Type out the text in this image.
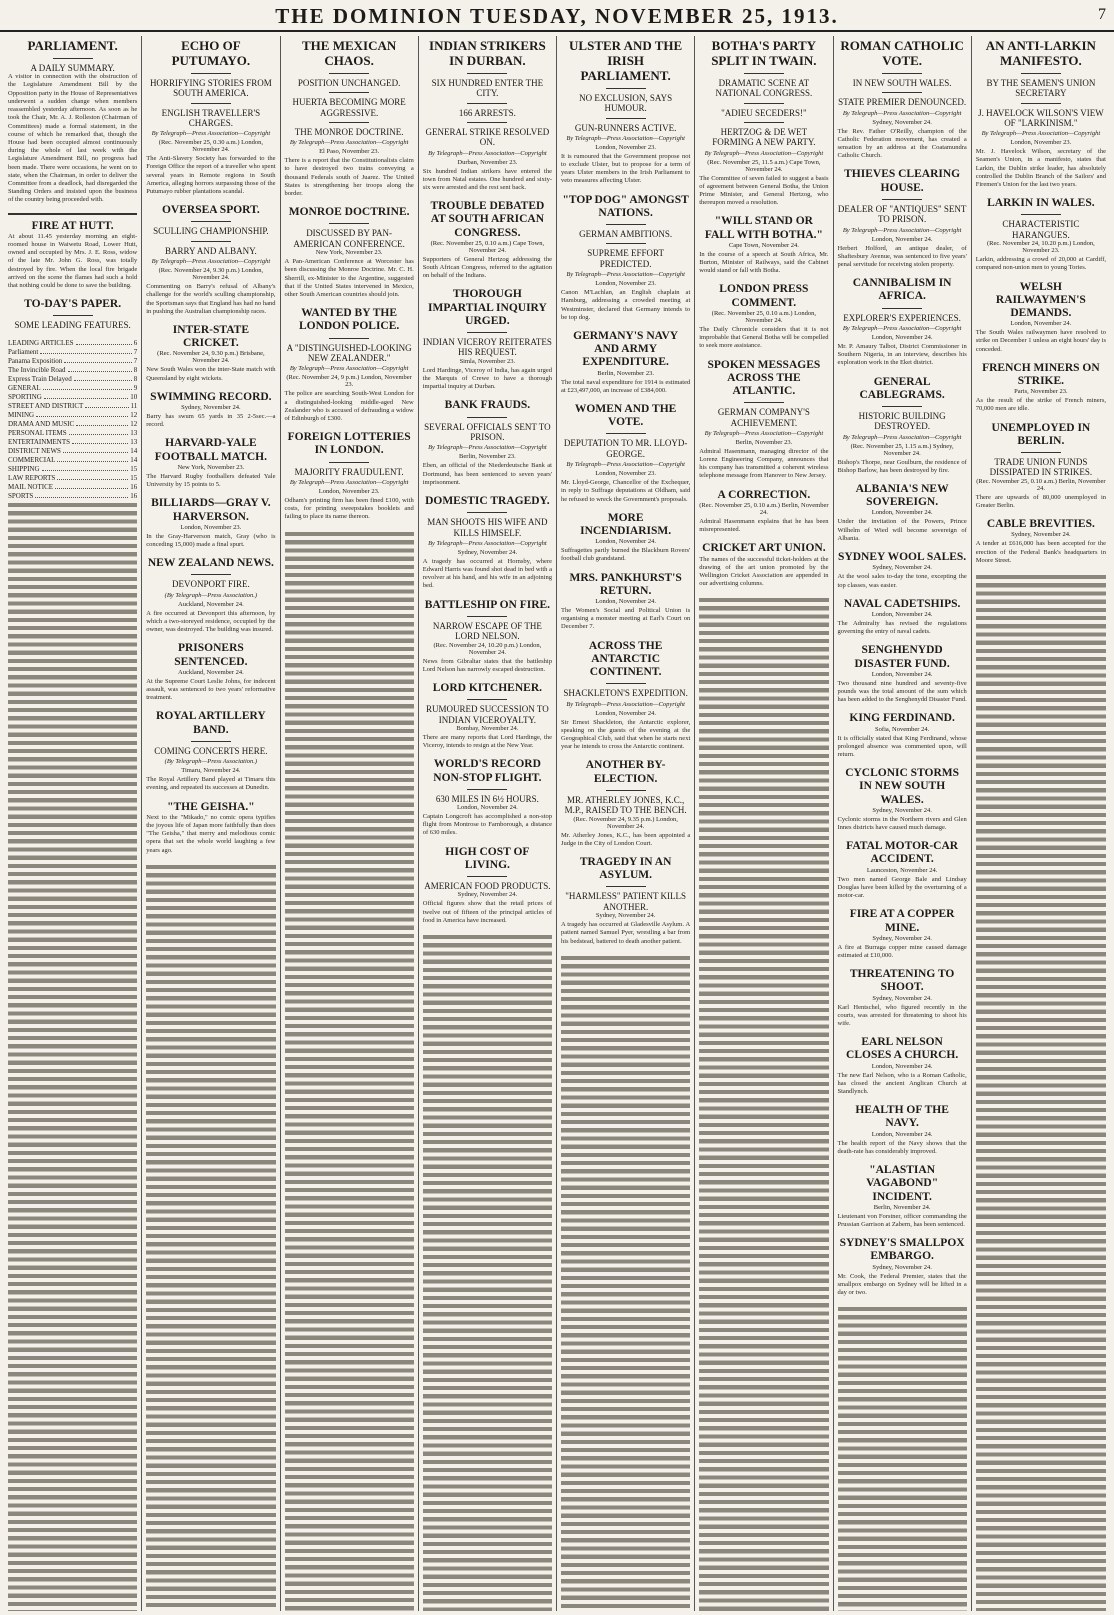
THE DOMINION TUESDAY, NOVEMBER 25, 1913.	7
PARLIAMENT.
A DAILY SUMMARY.
A visitor in connection with the obstruction of the Legislature Amendment Bill by the Opposition party in the House of Representatives underwent a sudden change when members reassembled yesterday afternoon. As soon as he took the Chair, Mr. A. J. Rolleston (Chairman of Committees) made a formal statement, in the course of which he remarked that, though the House had been occupied almost continuously during the whole of last week with the Legislature Amendment Bill, no progress had been made. There were occasions, he went on to state, when the Chairman, in order to deliver the Committee from a deadlock, had disregarded the Standing Orders and insisted upon the business of the country being proceeded with.
FIRE AT HUTT.
At about 11.45 yesterday morning an eight-roomed house in Waiwetu Road, Lower Hutt, owned and occupied by Mrs. J. E. Ross, widow of the late Mr. John G. Ross, was totally destroyed by fire. When the local fire brigade arrived on the scene the flames had such a hold that nothing could be done to save the building.
TO-DAY'S PAPER.
SOME LEADING FEATURES.
LEADING ARTICLES	6
Parliament	7
Panama Exposition	7
The Invincible Road	8
Express Train Delayed	8
GENERAL	9
SPORTING	10
STREET AND DISTRICT	11
MINING	12
DRAMA AND MUSIC	12
PERSONAL ITEMS	13
ENTERTAINMENTS	13
DISTRICT NEWS	14
COMMERCIAL	14
SHIPPING	15
LAW REPORTS	15
MAIL NOTICE	16
SPORTS	16
ECHO OF PUTUMAYO.
HORRIFYING STORIES FROM SOUTH AMERICA.
ENGLISH TRAVELLER'S CHARGES.
By Telegraph—Press Association—Copyright
(Rec. November 25, 0.30 a.m.) London, November 24.
The Anti-Slavery Society has forwarded to the Foreign Office the report of a traveller who spent several years in Remote regions in South America, alleging horrors surpassing those of the Putumayo rubber plantations scandal.
OVERSEA SPORT.
SCULLING CHAMPIONSHIP.
BARRY AND ALBANY.
By Telegraph—Press Association—Copyright
(Rec. November 24, 9.30 p.m.) London, November 24.
Commenting on Barry's refusal of Albany's challenge for the world's sculling championship, the Sportsman says that England has had no hand in pushing the Australian championship races.
INTER-STATE CRICKET.
(Rec. November 24, 9.30 p.m.) Brisbane, November 24.
New South Wales won the inter-State match with Queensland by eight wickets.
SWIMMING RECORD.
Sydney, November 24.
Barry has swum 65 yards in 35 2-5sec.—a record.
HARVARD-YALE FOOTBALL MATCH.
New York, November 23.
The Harvard Rugby footballers defeated Yale University by 15 points to 5.
BILLIARDS—GRAY V. HARVERSON.
London, November 23.
In the Gray-Harverson match, Gray (who is conceding 15,000) made a final spurt.
NEW ZEALAND NEWS.
DEVONPORT FIRE.
(By Telegraph—Press Association.)
Auckland, November 24.
A fire occurred at Devonport this afternoon, by which a two-storeyed residence, occupied by the owner, was destroyed. The building was insured.
PRISONERS SENTENCED.
Auckland, November 24.
At the Supreme Court Leslie Johns, for indecent assault, was sentenced to two years' reformative treatment.
ROYAL ARTILLERY BAND.
COMING CONCERTS HERE.
(By Telegraph—Press Association.)
Timaru, November 24.
The Royal Artillery Band played at Timaru this evening, and repeated its successes at Dunedin.
"THE GEISHA."
Next to the "Mikado," no comic opera typifies the joyous life of Japan more faithfully than does "The Geisha," that merry and melodious comic opera that set the whole world laughing a few years ago.
THE MEXICAN CHAOS.
POSITION UNCHANGED.
HUERTA BECOMING MORE AGGRESSIVE.
THE MONROE DOCTRINE.
By Telegraph—Press Association—Copyright
El Paso, November 23.
There is a report that the Constitutionalists claim to have destroyed two trains conveying a thousand Federals south of Juarez. The United States is strengthening her troops along the border.
MONROE DOCTRINE.
DISCUSSED BY PAN-AMERICAN CONFERENCE.
New York, November 23.
A Pan-American Conference at Worcester has been discussing the Monroe Doctrine. Mr. C. H. Sherrill, ex-Minister to the Argentine, suggested that if the United States intervened in Mexico, other South American countries should join.
WANTED BY THE LONDON POLICE.
A "DISTINGUISHED-LOOKING NEW ZEALANDER."
By Telegraph—Press Association—Copyright
(Rec. November 24, 9 p.m.) London, November 23.
The police are searching South-West London for a distinguished-looking middle-aged New Zealander who is accused of defrauding a widow of Edinburgh of £300.
FOREIGN LOTTERIES IN LONDON.
MAJORITY FRAUDULENT.
By Telegraph—Press Association—Copyright
London, November 23.
Odham's printing firm has been fined £100, with costs, for printing sweepstakes booklets and failing to place its name thereon.
INDIAN STRIKERS IN DURBAN.
SIX HUNDRED ENTER THE CITY.
166 ARRESTS.
GENERAL STRIKE RESOLVED ON.
By Telegraph—Press Association—Copyright
Durban, November 23.
Six hundred Indian strikers have entered the town from Natal estates. One hundred and sixty-six were arrested and the rest sent back.
TROUBLE DEBATED AT SOUTH AFRICAN CONGRESS.
(Rec. November 25, 0.10 a.m.) Cape Town, November 24.
Supporters of General Hertzog addressing the South African Congress, referred to the agitation on behalf of the Indians.
THOROUGH IMPARTIAL INQUIRY URGED.
INDIAN VICEROY REITERATES HIS REQUEST.
Simla, November 23.
Lord Hardinge, Viceroy of India, has again urged the Marquis of Crewe to have a thorough impartial inquiry at Durban.
BANK FRAUDS.
SEVERAL OFFICIALS SENT TO PRISON.
By Telegraph—Press Association—Copyright
Berlin, November 23.
Eben, an official of the Niederdeutsche Bank at Dortmund, has been sentenced to seven years' imprisonment.
DOMESTIC TRAGEDY.
MAN SHOOTS HIS WIFE AND KILLS HIMSELF.
By Telegraph—Press Association—Copyright
Sydney, November 24.
A tragedy has occurred at Hornsby, where Edward Harris was found shot dead in bed with a revolver at his hand, and his wife in an adjoining bed.
BATTLESHIP ON FIRE.
NARROW ESCAPE OF THE LORD NELSON.
(Rec. November 24, 10.20 p.m.) London, November 24.
News from Gibraltar states that the battleship Lord Nelson has narrowly escaped destruction.
LORD KITCHENER.
RUMOURED SUCCESSION TO INDIAN VICEROYALTY.
Bombay, November 24.
There are many reports that Lord Hardinge, the Viceroy, intends to resign at the New Year.
WORLD'S RECORD NON-STOP FLIGHT.
630 MILES IN 6½ HOURS.
London, November 24.
Captain Longcroft has accomplished a non-stop flight from Montrose to Farnborough, a distance of 630 miles.
HIGH COST OF LIVING.
AMERICAN FOOD PRODUCTS.
Sydney, November 24.
Official figures show that the retail prices of twelve out of fifteen of the principal articles of food in America have increased.
ULSTER AND THE IRISH PARLIAMENT.
NO EXCLUSION, SAYS HUMOUR.
GUN-RUNNERS ACTIVE.
By Telegraph—Press Association—Copyright
London, November 23.
It is rumoured that the Government propose not to exclude Ulster, but to propose for a term of years Ulster members in the Irish Parliament to veto measures affecting Ulster.
"TOP DOG" AMONGST NATIONS.
GERMAN AMBITIONS.
SUPREME EFFORT PREDICTED.
By Telegraph—Press Association—Copyright
London, November 23.
Canon M'Lachlan, an English chaplain at Hamburg, addressing a crowded meeting at Westminster, declared that Germany intends to be top dog.
GERMANY'S NAVY AND ARMY EXPENDITURE.
Berlin, November 23.
The total naval expenditure for 1914 is estimated at £23,497,000, an increase of £384,000.
WOMEN AND THE VOTE.
DEPUTATION TO MR. LLOYD-GEORGE.
By Telegraph—Press Association—Copyright
London, November 23.
Mr. Lloyd-George, Chancellor of the Exchequer, in reply to Suffrage deputations at Oldham, said he refused to wreck the Government's proposals.
MORE INCENDIARISM.
London, November 24.
Suffragettes partly burned the Blackburn Rovers' football club grandstand.
MRS. PANKHURST'S RETURN.
London, November 24.
The Women's Social and Political Union is organising a monster meeting at Earl's Court on December 7.
ACROSS THE ANTARCTIC CONTINENT.
SHACKLETON'S EXPEDITION.
By Telegraph—Press Association—Copyright
London, November 24.
Sir Ernest Shackleton, the Antarctic explorer, speaking on the guests of the evening at the Geographical Club, said that when he starts next year he intends to cross the Antarctic continent.
ANOTHER BY-ELECTION.
MR. ATHERLEY JONES, K.C., M.P., RAISED TO THE BENCH.
(Rec. November 24, 9.35 p.m.) London, November 24.
Mr. Atherley Jones, K.C., has been appointed a Judge in the City of London Court.
TRAGEDY IN AN ASYLUM.
"HARMLESS" PATIENT KILLS ANOTHER.
Sydney, November 24.
A tragedy has occurred at Gladesville Asylum. A patient named Samuel Pyer, wrestling a bar from his bedstead, battered to death another patient.
BOTHA'S PARTY SPLIT IN TWAIN.
DRAMATIC SCENE AT NATIONAL CONGRESS.
"ADIEU SECEDERS!"
HERTZOG & DE WET FORMING A NEW PARTY.
By Telegraph—Press Association—Copyright
(Rec. November 25, 11.5 a.m.) Cape Town, November 24.
The Committee of seven failed to suggest a basis of agreement between General Botha, the Union Prime Minister, and General Hertzog, who thereupon moved a resolution.
"WILL STAND OR FALL WITH BOTHA."
Cape Town, November 24.
In the course of a speech at South Africa, Mr. Burton, Minister of Railways, said the Cabinet would stand or fall with Botha.
LONDON PRESS COMMENT.
(Rec. November 25, 0.10 a.m.) London, November 24.
The Daily Chronicle considers that it is not improbable that General Botha will be compelled to seek more assistance.
SPOKEN MESSAGES ACROSS THE ATLANTIC.
GERMAN COMPANY'S ACHIEVEMENT.
By Telegraph—Press Association—Copyright
Berlin, November 23.
Admiral Hasenmann, managing director of the Lorenz Engineering Company, announces that his company has transmitted a coherent wireless telephone message from Hanover to New Jersey.
A CORRECTION.
(Rec. November 25, 0.10 a.m.) Berlin, November 24.
Admiral Hasenmann explains that he has been misrepresented.
CRICKET ART UNION.
The names of the successful ticket-holders at the drawing of the art union promoted by the Wellington Cricket Association are appended in our advertising columns.
ROMAN CATHOLIC VOTE.
IN NEW SOUTH WALES.
STATE PREMIER DENOUNCED.
By Telegraph—Press Association—Copyright
Sydney, November 24.
The Rev. Father O'Reilly, champion of the Catholic Federation movement, has created a sensation by an address at the Coatamundra Catholic Church.
THIEVES CLEARING HOUSE.
DEALER OF "ANTIQUES" SENT TO PRISON.
By Telegraph—Press Association—Copyright
London, November 24.
Herbert Holford, an antique dealer, of Shaftesbury Avenue, was sentenced to five years' penal servitude for receiving stolen property.
CANNIBALISM IN AFRICA.
EXPLORER'S EXPERIENCES.
By Telegraph—Press Association—Copyright
London, November 24.
Mr. P. Amaury Talbot, District Commissioner in Southern Nigeria, in an interview, describes his exploration work in the Eket district.
GENERAL CABLEGRAMS.
HISTORIC BUILDING DESTROYED.
By Telegraph—Press Association—Copyright
(Rec. November 25, 1.15 a.m.) Sydney, November 24.
Bishop's Thorpe, near Goulburn, the residence of Bishop Barlow, has been destroyed by fire.
ALBANIA'S NEW SOVEREIGN.
London, November 24.
Under the invitation of the Powers, Prince Wilhelm of Wied will become sovereign of Albania.
SYDNEY WOOL SALES.
Sydney, November 24.
At the wool sales to-day the tone, excepting the top classes, was easier.
NAVAL CADETSHIPS.
London, November 24.
The Admiralty has revised the regulations governing the entry of naval cadets.
SENGHENYDD DISASTER FUND.
London, November 24.
Two thousand nine hundred and seventy-five pounds was the total amount of the sum which has been added to the Senghenydd Disaster Fund.
KING FERDINAND.
Sofia, November 24.
It is officially stated that King Ferdinand, whose prolonged absence was commented upon, will return.
CYCLONIC STORMS IN NEW SOUTH WALES.
Sydney, November 24.
Cyclonic storms in the Northern rivers and Glen Innes districts have caused much damage.
FATAL MOTOR-CAR ACCIDENT.
Launceston, November 24.
Two men named George Bale and Lindsay Douglas have been killed by the overturning of a motor-car.
FIRE AT A COPPER MINE.
Sydney, November 24.
A fire at Burraga copper mine caused damage estimated at £10,000.
THREATENING TO SHOOT.
Sydney, November 24.
Karl Hentschel, who figured recently in the courts, was arrested for threatening to shoot his wife.
EARL NELSON CLOSES A CHURCH.
London, November 24.
The new Earl Nelson, who is a Roman Catholic, has closed the ancient Anglican Church at Standlynch.
HEALTH OF THE NAVY.
London, November 24.
The health report of the Navy shows that the death-rate has considerably improved.
"ALASTIAN VAGABOND" INCIDENT.
Berlin, November 24.
Lieutenant von Forstner, officer commanding the Prussian Garrison at Zabern, has been sentenced.
SYDNEY'S SMALLPOX EMBARGO.
Sydney, November 24.
Mr. Cook, the Federal Premier, states that the smallpox embargo on Sydney will be lifted in a day or two.
AN ANTI-LARKIN MANIFESTO.
BY THE SEAMEN'S UNION SECRETARY
J. HAVELOCK WILSON'S VIEW OF "LARKINISM."
By Telegraph—Press Association—Copyright
London, November 23.
Mr. J. Havelock Wilson, secretary of the Seamen's Union, in a manifesto, states that Larkin, the Dublin strike leader, has absolutely controlled the Dublin Branch of the Sailors' and Firemen's Union for the last two years.
LARKIN IN WALES.
CHARACTERISTIC HARANGUES.
(Rec. November 24, 10.20 p.m.) London, November 23.
Larkin, addressing a crowd of 20,000 at Cardiff, compared non-union men to young Tories.
WELSH RAILWAYMEN'S DEMANDS.
London, November 24.
The South Wales railwaymen have resolved to strike on December 1 unless an eight hours' day is conceded.
FRENCH MINERS ON STRIKE.
Paris, November 23.
As the result of the strike of French miners, 70,000 men are idle.
UNEMPLOYED IN BERLIN.
TRADE UNION FUNDS DISSIPATED IN STRIKES.
(Rec. November 25, 0.10 a.m.) Berlin, November 24.
There are upwards of 80,000 unemployed in Greater Berlin.
CABLE BREVITIES.
Sydney, November 24.
A tender at £616,000 has been accepted for the erection of the Federal Bank's headquarters in Moore Street.
